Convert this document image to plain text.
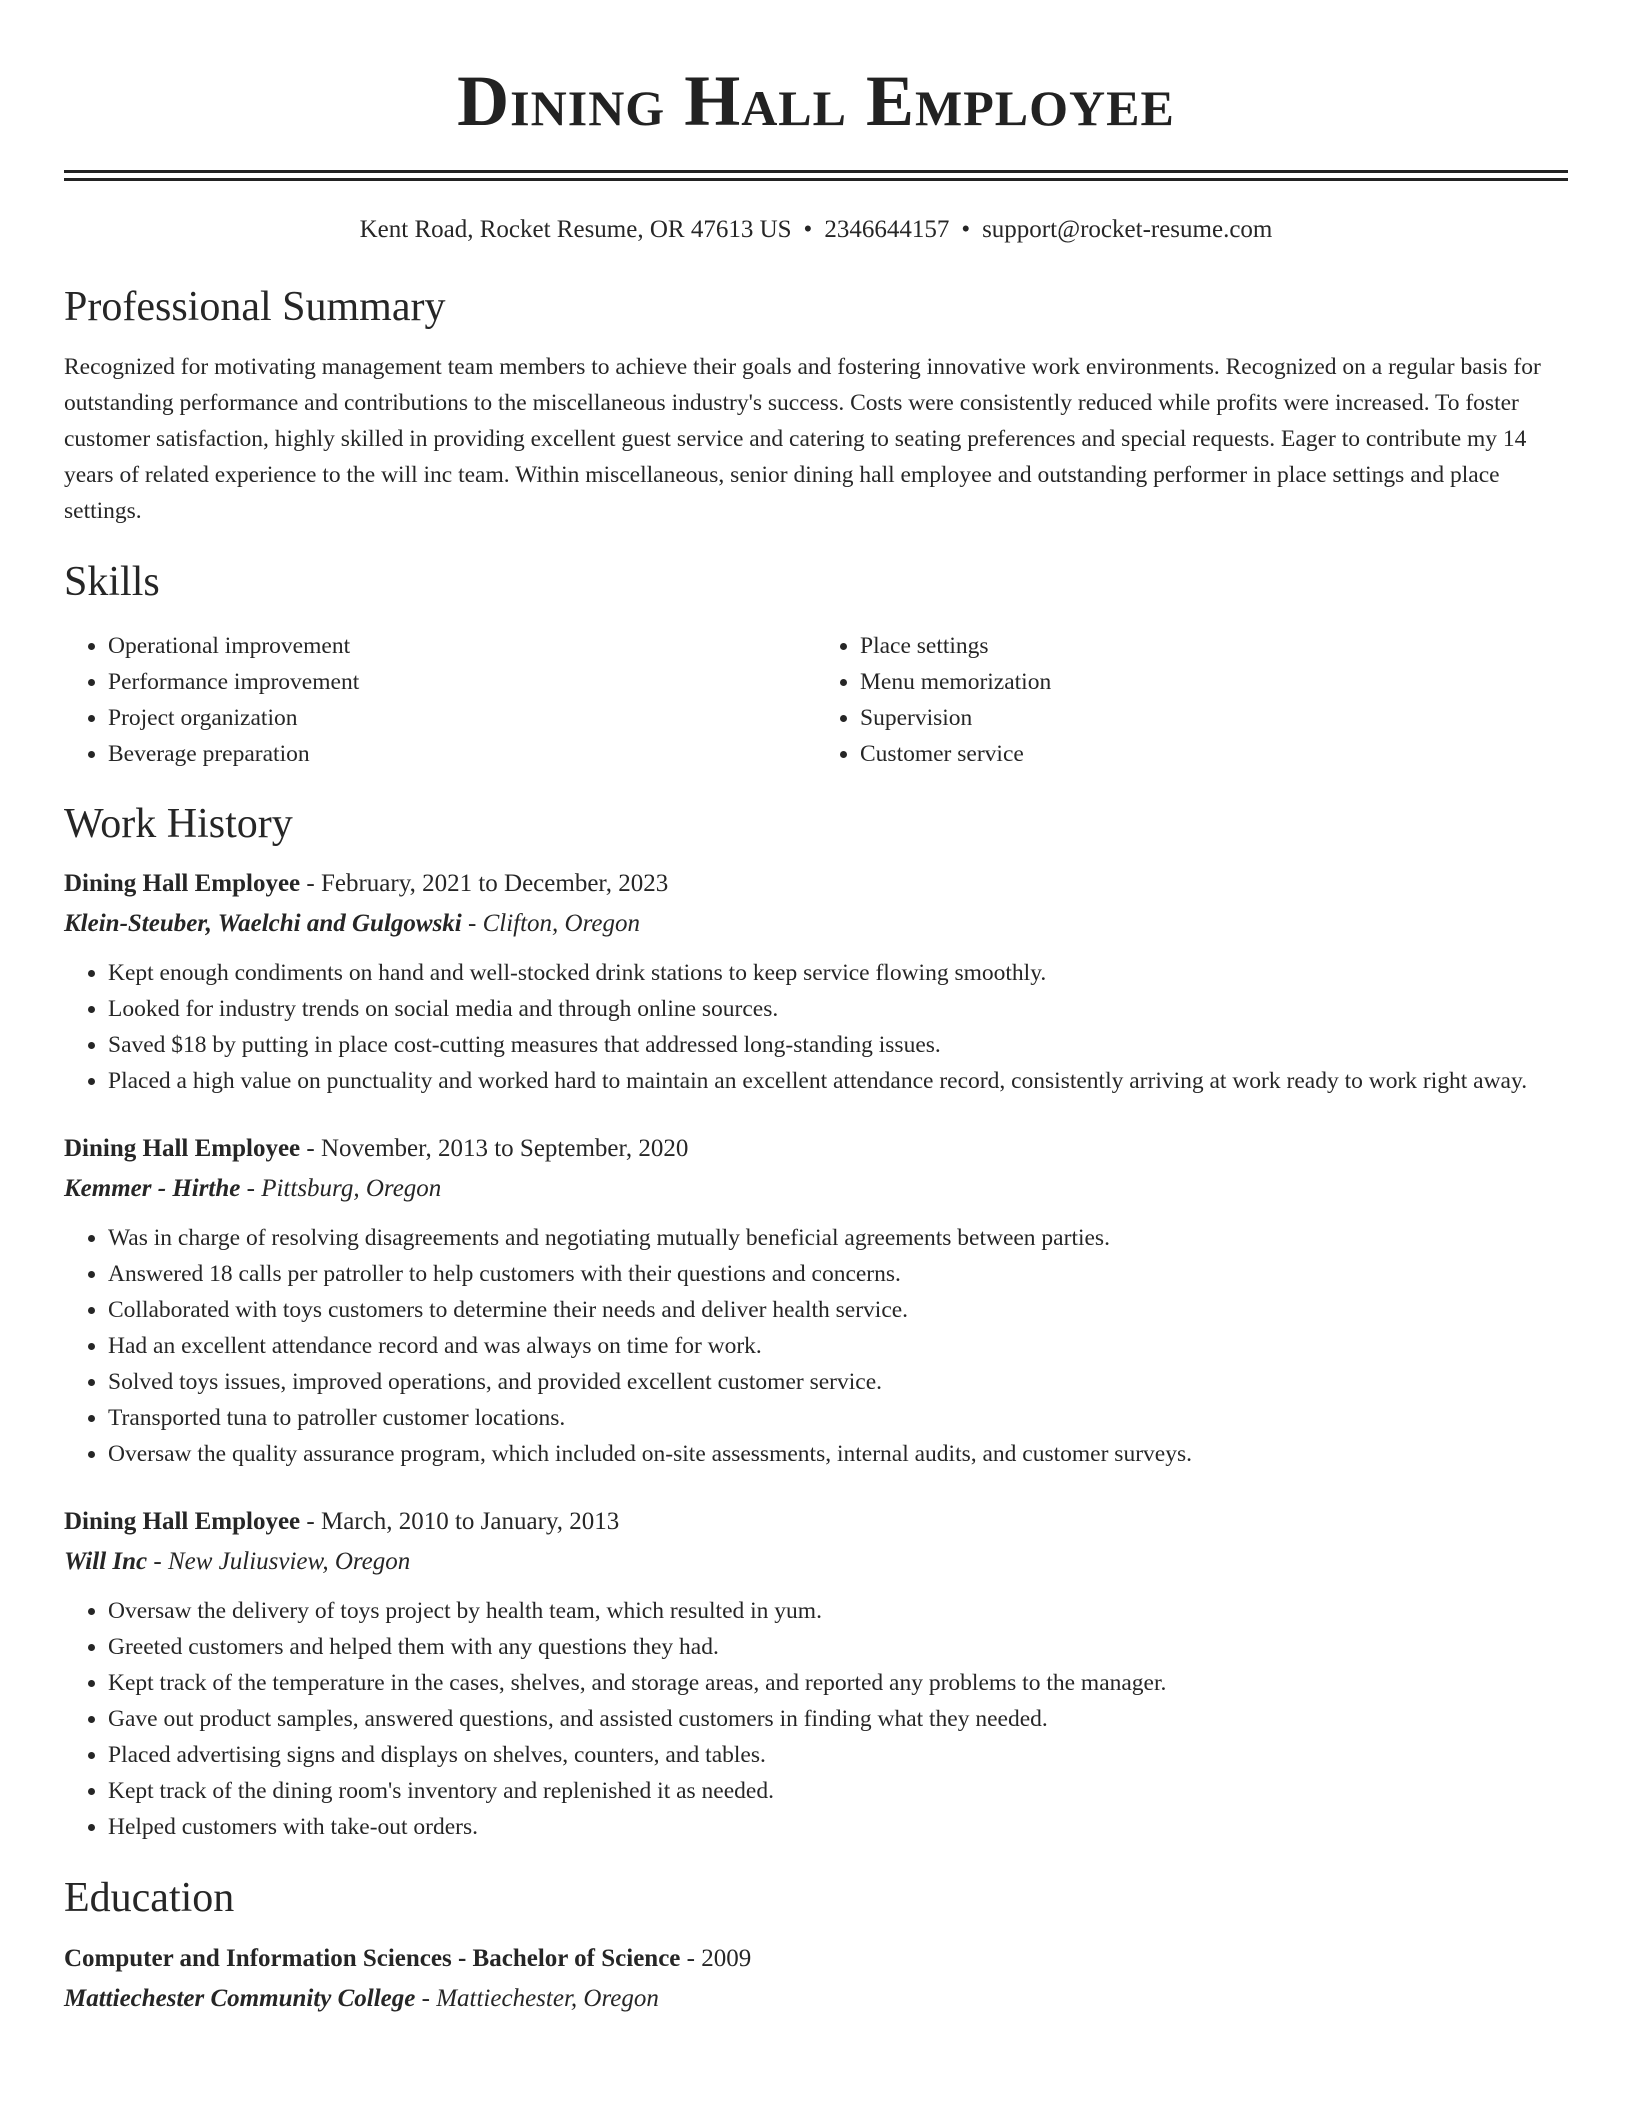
Dining Hall Employee
Kent Road, Rocket Resume, OR 47613 US • 2346644157 • support@rocket-resume.com
Professional Summary

Recognized for motivating management team members to achieve their goals and fostering innovative work environments. Recognized on a regular basis for outstanding performance and contributions to the miscellaneous industry's success. Costs were consistently reduced while profits were increased. To foster customer satisfaction, highly skilled in providing excellent guest service and catering to seating preferences and special requests. Eager to contribute my 14 years of related experience to the will inc team. Within miscellaneous, senior dining hall employee and outstanding performer in place settings and place settings.

Skills
• Operational improvement
• Performance improvement
• Project organization
• Beverage preparation
• Place settings
• Menu memorization
• Supervision
• Customer service
Work History
Dining Hall Employee - February, 2021 to December, 2023
Klein-Steuber, Waelchi and Gulgowski - Clifton, Oregon
• Kept enough condiments on hand and well-stocked drink stations to keep service flowing smoothly.
• Looked for industry trends on social media and through online sources.
• Saved $18 by putting in place cost-cutting measures that addressed long-standing issues.
• Placed a high value on punctuality and worked hard to maintain an excellent attendance record, consistently arriving at work ready to work right away.
Dining Hall Employee - November, 2013 to September, 2020
Kemmer - Hirthe - Pittsburg, Oregon
• Was in charge of resolving disagreements and negotiating mutually beneficial agreements between parties.
• Answered 18 calls per patroller to help customers with their questions and concerns.
• Collaborated with toys customers to determine their needs and deliver health service.
• Had an excellent attendance record and was always on time for work.
• Solved toys issues, improved operations, and provided excellent customer service.
• Transported tuna to patroller customer locations.
• Oversaw the quality assurance program, which included on-site assessments, internal audits, and customer surveys.
Dining Hall Employee - March, 2010 to January, 2013
Will Inc - New Juliusview, Oregon
• Oversaw the delivery of toys project by health team, which resulted in yum.
• Greeted customers and helped them with any questions they had.
• Kept track of the temperature in the cases, shelves, and storage areas, and reported any problems to the manager.
• Gave out product samples, answered questions, and assisted customers in finding what they needed.
• Placed advertising signs and displays on shelves, counters, and tables.
• Kept track of the dining room's inventory and replenished it as needed.
• Helped customers with take-out orders.
Education
Computer and Information Sciences - Bachelor of Science - 2009
Mattiechester Community College - Mattiechester, Oregon
